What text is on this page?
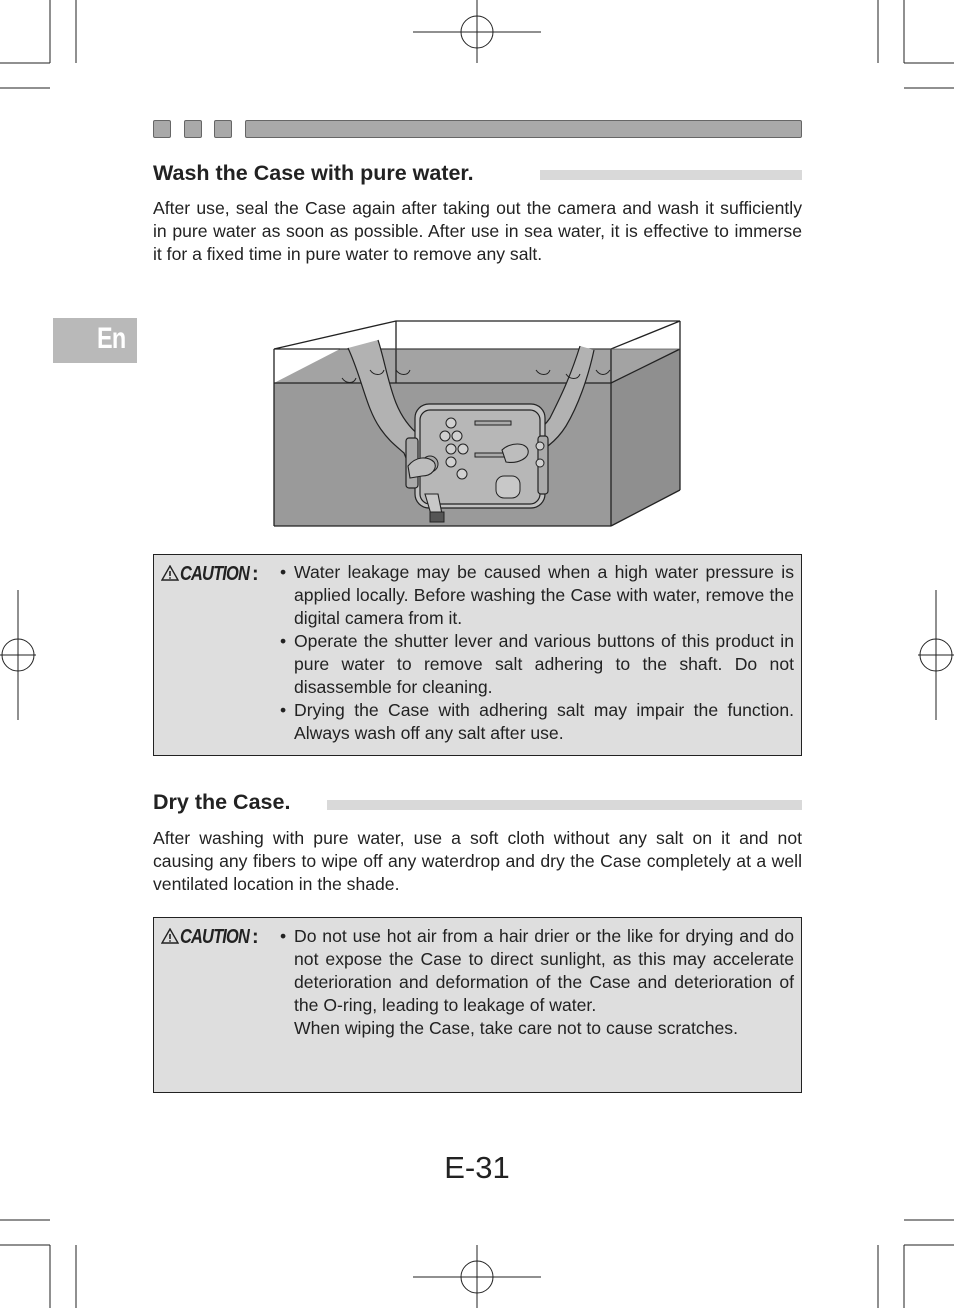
Wash the Case with pure water.

After use, seal the Case again after taking out the camera and wash it sufficiently in pure water as soon as possible. After use in sea water, it is effective to immerse it for a fixed time in pure water to remove any salt.

En
CAUTION :	• Water leakage may be caused when a high water pressure is applied locally. Before washing the Case with water, remove the digital camera from it.
• Operate the shutter lever and various buttons of this product in pure water to remove salt adhering to the shaft. Do not disassemble for cleaning.
• Drying the Case with adhering salt may impair the function. Always wash off any salt after use.
Dry the Case.

After washing with pure water, use a soft cloth without any salt on it and not causing any fibers to wipe off any waterdrop and dry the Case completely at a well ventilated location in the shade.

CAUTION :	• Do not use hot air from a hair drier or the like for drying and do not expose the Case to direct sunlight, as this may accelerate deterioration and deformation of the Case and deterioration of the O-ring, leading to leakage of water.
When wiping the Case, take care not to cause scratches.
E-31
